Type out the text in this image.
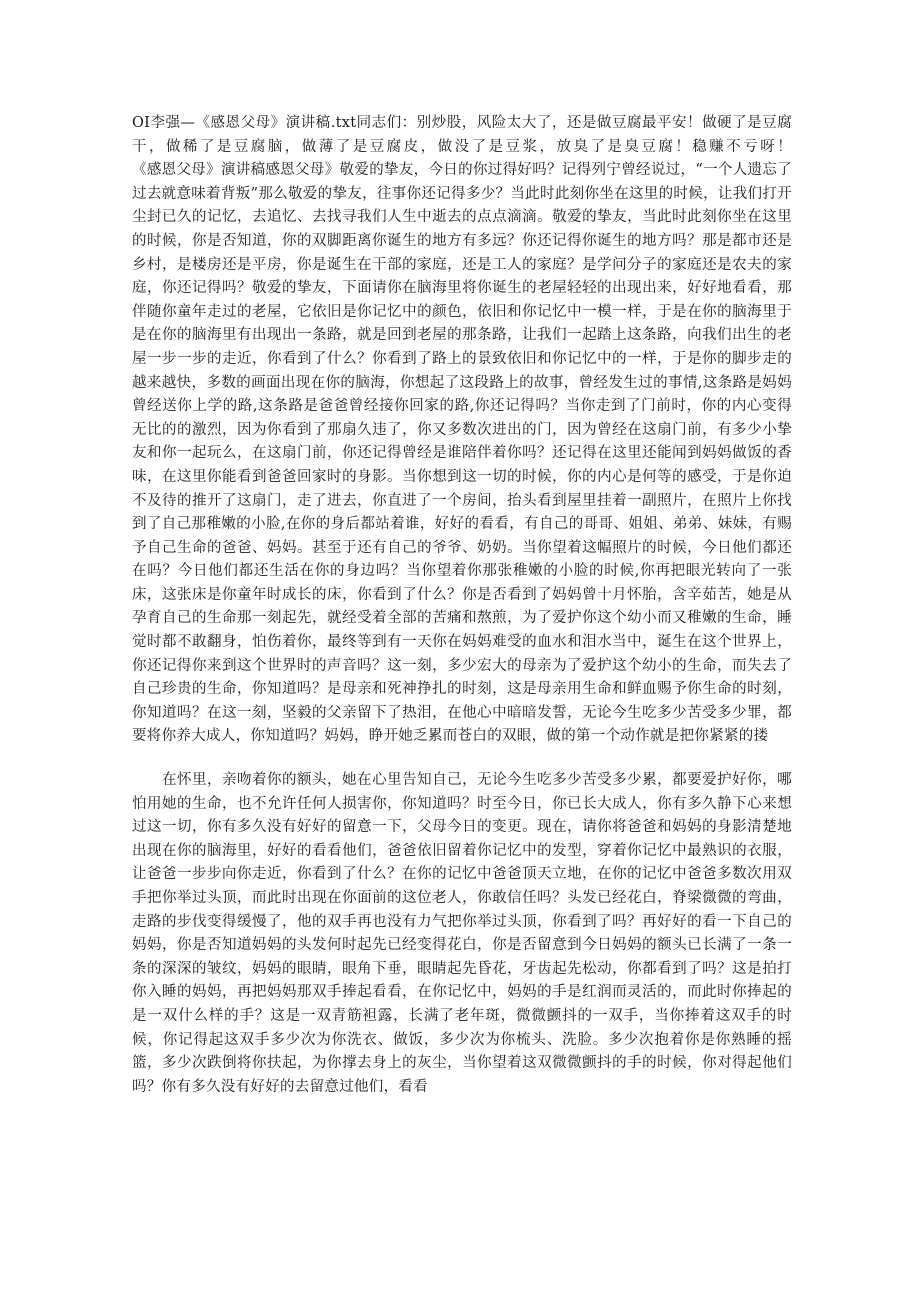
OI李强—《感恩父母》演讲稿.txt同志们：别炒股，风险太大了，还是做豆腐最平安！做硬了是豆腐干，做稀了是豆腐脑，做薄了是豆腐皮，做没了是豆浆，放臭了是臭豆腐！稳赚不亏呀！　　　　　　《感恩父母》演讲稿感恩父母》敬爱的挚友，今日的你过得好吗？记得列宁曾经说过，“一个人遗忘了过去就意味着背叛”那么敬爱的挚友，往事你还记得多少？当此时此刻你坐在这里的时候，让我们打开尘封已久的记忆，去追忆、去找寻我们人生中逝去的点点滴滴。敬爱的挚友，当此时此刻你坐在这里的时候，你是否知道，你的双脚距离你诞生的地方有多远？你还记得你诞生的地方吗？那是都市还是乡村，是楼房还是平房，你是诞生在干部的家庭，还是工人的家庭？是学问分子的家庭还是农夫的家庭，你还记得吗？敬爱的挚友，下面请你在脑海里将你诞生的老屋轻轻的出现出来，好好地看看，那伴随你童年走过的老屋，它依旧是你记忆中的颜色，依旧和你记忆中一模一样，于是在你的脑海里于是在你的脑海里有出现出一条路，就是回到老屋的那条路，让我们一起踏上这条路，向我们出生的老屋一步一步的走近，你看到了什么？你看到了路上的景致依旧和你记忆中的一样，于是你的脚步走的越来越快，多数的画面出现在你的脑海，你想起了这段路上的故事，曾经发生过的事情,这条路是妈妈曾经送你上学的路,这条路是爸爸曾经接你回家的路,你还记得吗？当你走到了门前时，你的内心变得无比的的激烈，因为你看到了那扇久违了，你又多数次进出的门，因为曾经在这扇门前，有多少小挚友和你一起玩么，在这扇门前，你还记得曾经是谁陪伴着你吗？还记得在这里还能闻到妈妈做饭的香味，在这里你能看到爸爸回家时的身影。当你想到这一切的时候，你的内心是何等的感受，于是你迫不及待的推开了这扇门，走了进去，你直进了一个房间，抬头看到屋里挂着一副照片，在照片上你找到了自己那稚嫩的小脸,在你的身后都站着谁，好好的看看，有自己的哥哥、姐姐、弟弟、妹妹，有赐予自己生命的爸爸、妈妈。甚至于还有自己的爷爷、奶奶。当你望着这幅照片的时候，今日他们都还在吗？今日他们都还生活在你的身边吗？当你望着你那张稚嫩的小脸的时候,你再把眼光转向了一张床，这张床是你童年时成长的床，你看到了什么？你是否看到了妈妈曾十月怀胎，含辛茹苦，她是从孕育自己的生命那一刻起先，就经受着全部的苦痛和熬煎，为了爱护你这个幼小而又稚嫩的生命，睡觉时都不敢翻身，怕伤着你，最终等到有一天你在妈妈难受的血水和泪水当中，诞生在这个世界上，你还记得你来到这个世界时的声音吗？这一刻，多少宏大的母亲为了爱护这个幼小的生命，而失去了自己珍贵的生命，你知道吗？是母亲和死神挣扎的时刻，这是母亲用生命和鲜血赐予你生命的时刻，你知道吗？在这一刻，坚毅的父亲留下了热泪，在他心中暗暗发誓，无论今生吃多少苦受多少罪，都要将你养大成人，你知道吗？妈妈，睁开她乏累而苍白的双眼，做的第一个动作就是把你紧紧的搂

在怀里，亲吻着你的额头，她在心里告知自己，无论今生吃多少苦受多少累，都要爱护好你，哪怕用她的生命，也不允许任何人损害你，你知道吗？时至今日，你已长大成人，你有多久静下心来想过这一切，你有多久没有好好的留意一下，父母今日的变更。现在，请你将爸爸和妈妈的身影清楚地出现在你的脑海里，好好的看看他们，爸爸依旧留着你记忆中的发型，穿着你记忆中最熟识的衣服，让爸爸一步步向你走近，你看到了什么？在你的记忆中爸爸顶天立地，在你的记忆中爸爸多数次用双手把你举过头顶，而此时出现在你面前的这位老人，你敢信任吗？头发已经花白，脊梁微微的弯曲，走路的步伐变得缓慢了，他的双手再也没有力气把你举过头顶，你看到了吗？再好好的看一下自己的妈妈，你是否知道妈妈的头发何时起先已经变得花白，你是否留意到今日妈妈的额头已长满了一条一条的深深的皱纹，妈妈的眼睛，眼角下垂，眼睛起先昏花，牙齿起先松动，你都看到了吗？这是拍打你入睡的妈妈，再把妈妈那双手捧起看看，在你记忆中，妈妈的手是红润而灵活的，而此时你捧起的是一双什么样的手？这是一双青筋袒露，长满了老年斑，微微颤抖的一双手，当你捧着这双手的时候，你记得起这双手多少次为你洗衣、做饭，多少次为你梳头、洗脸。多少次抱着你是你熟睡的摇篮，多少次跌倒将你扶起，为你撑去身上的灰尘，当你望着这双微微颤抖的手的时候，你对得起他们吗？你有多久没有好好的去留意过他们，看看
